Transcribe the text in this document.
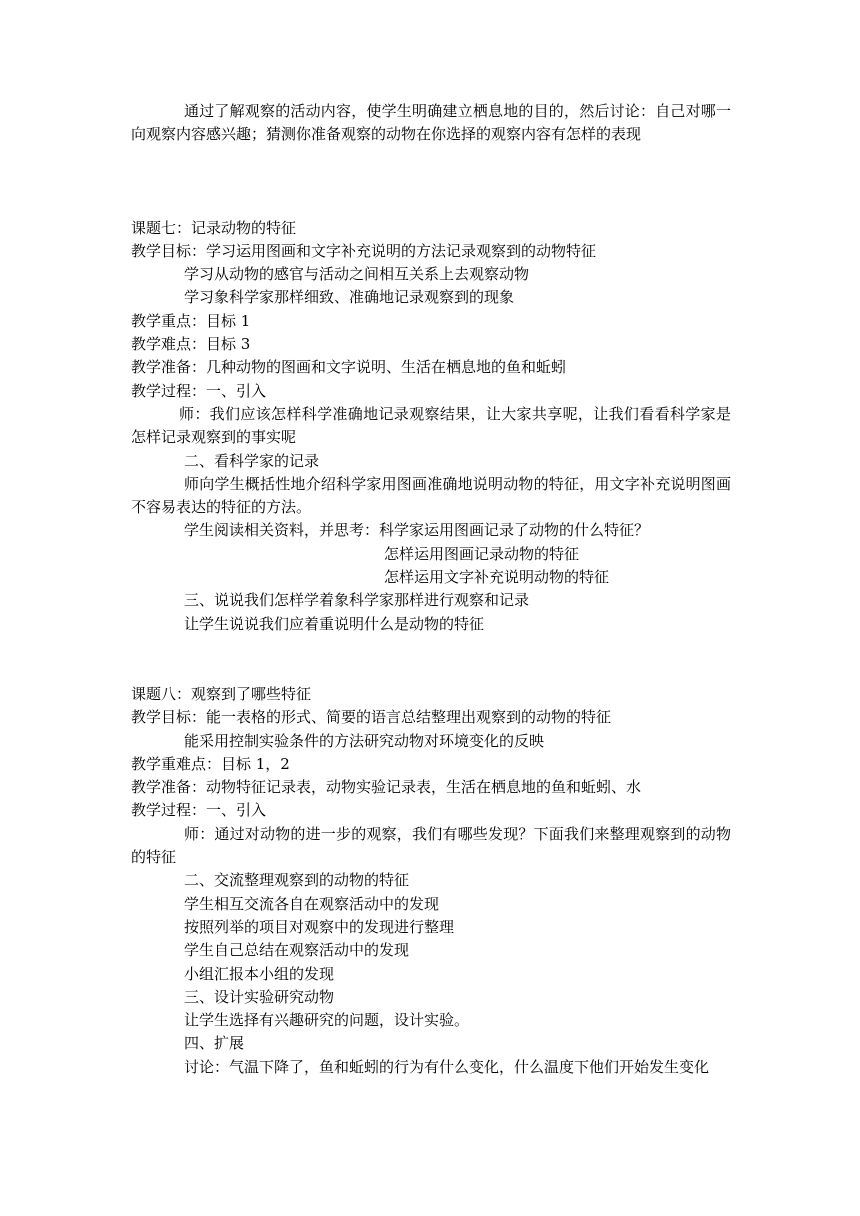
通过了解观察的活动内容，使学生明确建立栖息地的目的，然后讨论：自己对哪一向观察内容感兴趣；猜测你准备观察的动物在你选择的观察内容有怎样的表现
课题七：记录动物的特征
教学目标：学习运用图画和文字补充说明的方法记录观察到的动物特征
学习从动物的感官与活动之间相互关系上去观察动物
学习象科学家那样细致、准确地记录观察到的现象
教学重点：目标 1
教学难点：目标 3
教学准备：几种动物的图画和文字说明、生活在栖息地的鱼和蚯蚓
教学过程：一、引入
师：我们应该怎样科学准确地记录观察结果，让大家共享呢，让我们看看科学家是怎样记录观察到的事实呢
二、看科学家的记录
师向学生概括性地介绍科学家用图画准确地说明动物的特征，用文字补充说明图画不容易表达的特征的方法。
学生阅读相关资料，并思考：科学家运用图画记录了动物的什么特征？
怎样运用图画记录动物的特征
怎样运用文字补充说明动物的特征
三、说说我们怎样学着象科学家那样进行观察和记录
让学生说说我们应着重说明什么是动物的特征
课题八：观察到了哪些特征
教学目标：能一表格的形式、简要的语言总结整理出观察到的动物的特征
能采用控制实验条件的方法研究动物对环境变化的反映
教学重难点：目标 1，2
教学准备：动物特征记录表，动物实验记录表，生活在栖息地的鱼和蚯蚓、水
教学过程：一、引入
师：通过对动物的进一步的观察，我们有哪些发现？下面我们来整理观察到的动物的特征
二、交流整理观察到的动物的特征
学生相互交流各自在观察活动中的发现
按照列举的项目对观察中的发现进行整理
学生自己总结在观察活动中的发现
小组汇报本小组的发现
三、设计实验研究动物
让学生选择有兴趣研究的问题，设计实验。
四、扩展
讨论：气温下降了，鱼和蚯蚓的行为有什么变化，什么温度下他们开始发生变化
